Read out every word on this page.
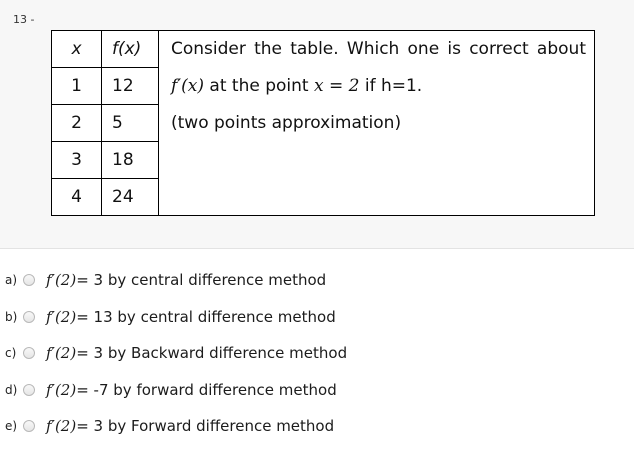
13 -
x	f(x)	Consider the table. Which one is correct about
1	12	f′(x) at the point x = 2 if h=1.
2	5	(two points approximation)
3	18	
4	24	
a) f′(2)= 3 by central difference method
b) f′(2)= 13 by central difference method
c) f′(2)= 3 by Backward difference method
d) f′(2)= -7 by forward difference method
e) f′(2)= 3 by Forward difference method
